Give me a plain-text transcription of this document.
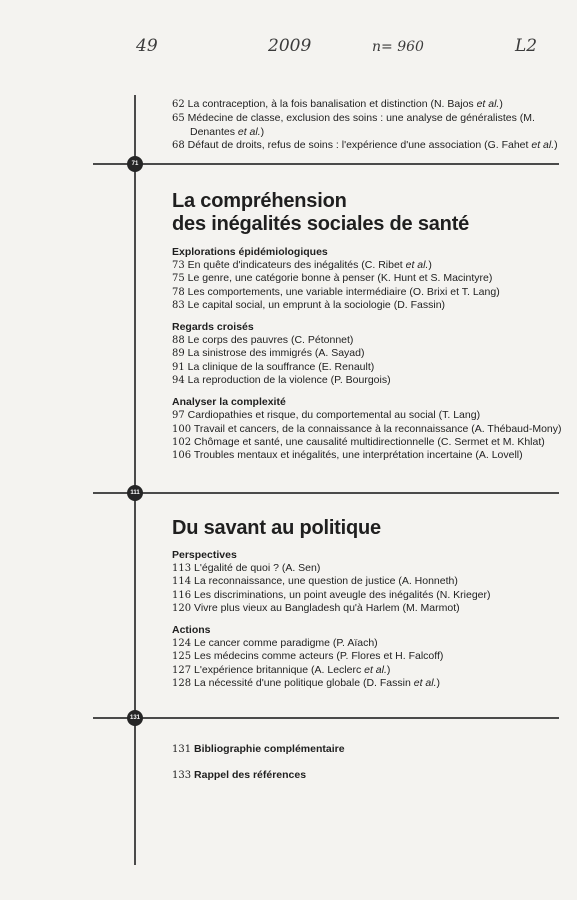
49	2009	n= 960	L2
71
111
131
62 La contraception, à la fois banalisation et distinction (N. Bajos et al.)
65 Médecine de classe, exclusion des soins : une analyse de généralistes (M. Denantes et al.)
68 Défaut de droits, refus de soins : l'expérience d'une association (G. Fahet et al.)
La compréhension
des inégalités sociales de santé
Explorations épidémiologiques
73 En quête d'indicateurs des inégalités (C. Ribet et al.)
75 Le genre, une catégorie bonne à penser (K. Hunt et S. Macintyre)
78 Les comportements, une variable intermédiaire (O. Brixi et T. Lang)
83 Le capital social, un emprunt à la sociologie (D. Fassin)
Regards croisés
88 Le corps des pauvres (C. Pétonnet)
89 La sinistrose des immigrés (A. Sayad)
91 La clinique de la souffrance (E. Renault)
94 La reproduction de la violence (P. Bourgois)
Analyser la complexité
97 Cardiopathies et risque, du comportemental au social (T. Lang)
100 Travail et cancers, de la connaissance à la reconnaissance (A. Thébaud-Mony)
102 Chômage et santé, une causalité multidirectionnelle (C. Sermet et M. Khlat)
106 Troubles mentaux et inégalités, une interprétation incertaine (A. Lovell)
Du savant au politique
Perspectives
113 L'égalité de quoi ? (A. Sen)
114 La reconnaissance, une question de justice (A. Honneth)
116 Les discriminations, un point aveugle des inégalités (N. Krieger)
120 Vivre plus vieux au Bangladesh qu'à Harlem (M. Marmot)
Actions
124 Le cancer comme paradigme (P. Aïach)
125 Les médecins comme acteurs (P. Flores et H. Falcoff)
127 L'expérience britannique (A. Leclerc et al.)
128 La nécessité d'une politique globale (D. Fassin et al.)
131 Bibliographie complémentaire
133 Rappel des références
